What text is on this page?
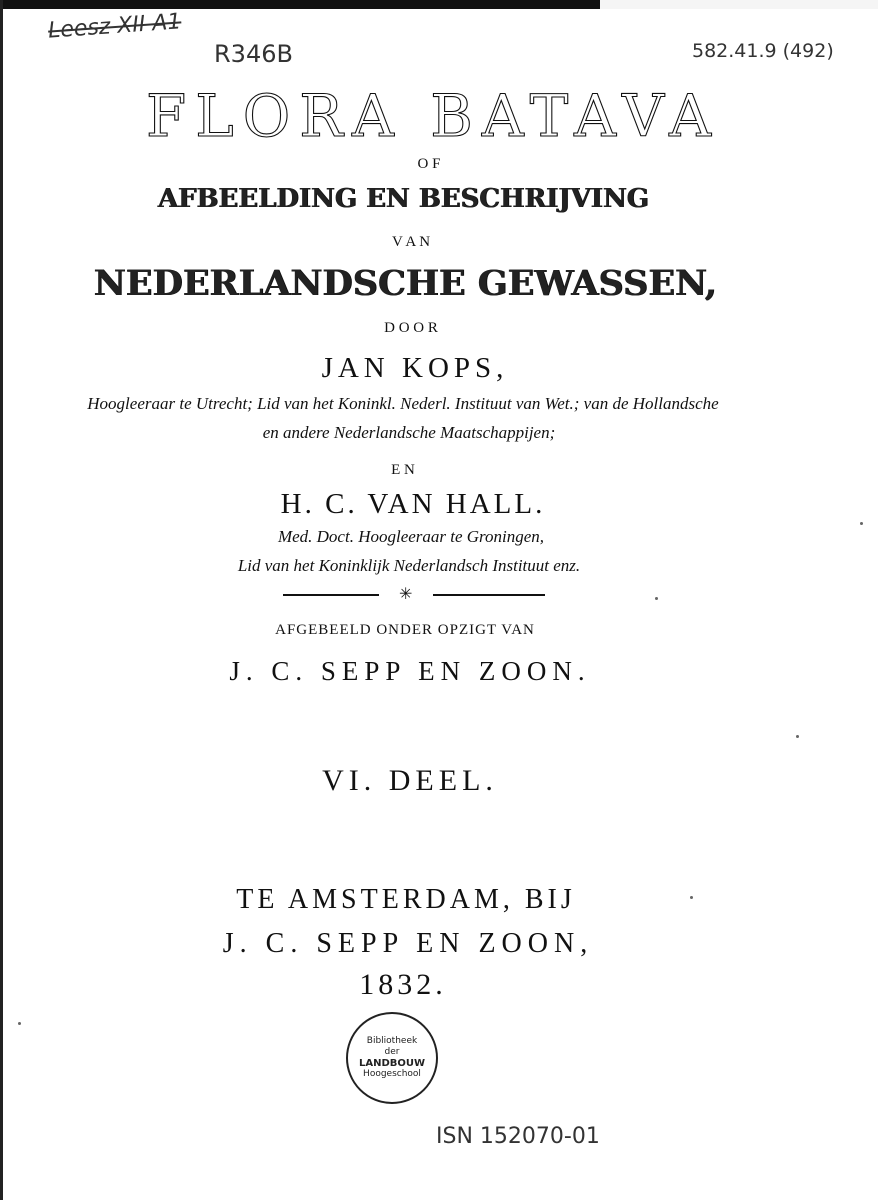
Leesz XII A1
R346B	582.41.9 (492)
FLORA BATAVA
O F
AFBEELDING EN BESCHRIJVING
V A N
NEDERLANDSCHE GEWASSEN,
D O O R
JAN KOPS,
Hoogleeraar te Utrecht; Lid van het Koninkl. Nederl. Instituut van Wet.; van de Hollandsche
en andere Nederlandsche Maatschappijen;
E N
H. C. VAN HALL.
Med. Doct. Hoogleeraar te Groningen,
Lid van het Koninklijk Nederlandsch Instituut enz.
✳
AFGEBEELD ONDER OPZIGT VAN
J. C. SEPP EN ZOON.
VI. DEEL.
TE AMSTERDAM, BIJ
J. C. SEPP EN ZOON,
1832.
Bibliotheek
der
LANDBOUW
Hoogeschool
ISN 152070-01
